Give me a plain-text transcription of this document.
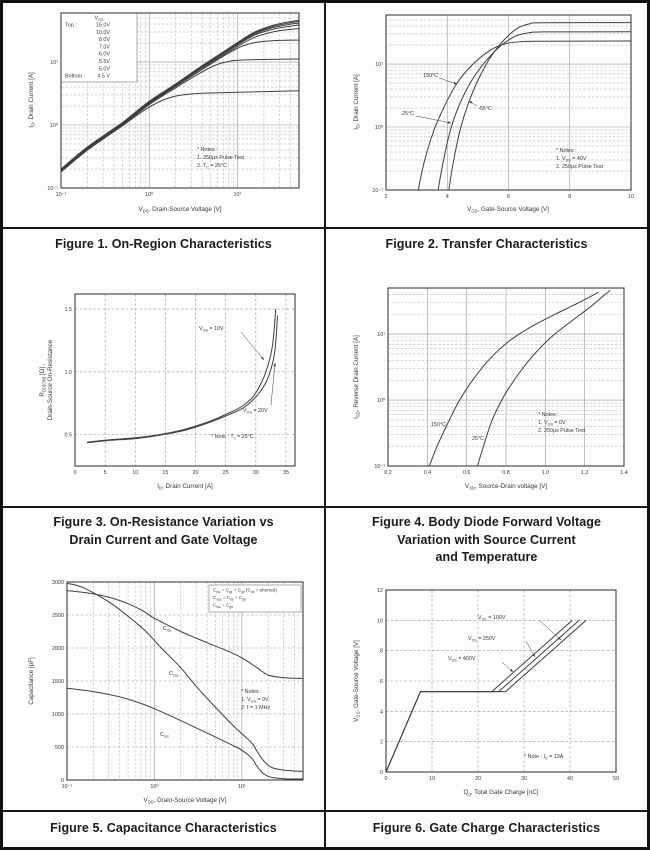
$V_{DS}$, Drain-Source Voltage [V]
$I_D$, Drain Current [A]
$V_{GS}$
Top :	15.0V
10.0V
8.0V
7.0V
6.0V
5.5V
5.0V
Bottom : 4.5 V
* Notes :
1. 250μs Pulse Test
2. $T_C = 25^\circ C$
10⁻¹	10⁰	10¹
10⁻¹
10⁰
10¹
$V_{GS}$, Gate-Source Voltage [V]
$I_D$, Drain Current [A]	150°C
25°C
-55°C
* Notes :
1. $V_{DS} = 40V$
2. 250μs Pulse Test
2	4	6	8	10
10⁻¹
10⁰
10¹
Figure 1. On-Region Characteristics	Figure 2. Transfer Characteristics
$I_D$, Drain Current [A]
$R_{DS(ON)}$ [Ω] , Drain-Source On-Resistance
$V_{GS} = 10V$
$V_{GS} = 20V$
* Note : $T_J = 25^\circ C$
0	5	10	15	20	25	30	35
0.5
1.0
1.5
$V_{SD}$, Source-Drain voltage [V]
$I_{SD}$, Reverse Drain Current [A]
150°C
25°C
* Notes :
1. $V_{GS} = 0V$
2. 250μs Pulse Test
0.2	0.4	0.6	0.8	1.0	1.2	1.4
10⁻¹
10⁰
10¹
Figure 3. On-Resistance Variation vs
Drain Current and Gate Voltage
Figure 4. Body Diode Forward Voltage
Variation with Source Current
and Temperature
$V_{DS}$, Drain-Source Voltage [V]
Capacitance [pF]
$C_{iss}$
$C_{oss}$
$C_{rss}$
$C_{iss} = C_{gs} + C_{gd}$ ($C_{ds}$ = shorted)
$C_{oss} = C_{ds} + C_{gd}$
$C_{rss} = C_{gd}$
* Notes :
1. $V_{GS} = 0V$
2. f = 1 MHz
10⁻¹	10⁰	10¹
0
500
1000
1500
2000
2500
3000
$Q_g$, Total Gate Charge [nC]
$V_{GS}$, Gate-Source Voltage [V]
$V_{DS} = 100V$
$V_{DS} = 250V$
$V_{DS} = 400V$
* Note : $I_D = 13A$
0	10	20	30	40	50
0
2
4
6
8
10
12
Figure 5. Capacitance Characteristics	Figure 6. Gate Charge Characteristics
